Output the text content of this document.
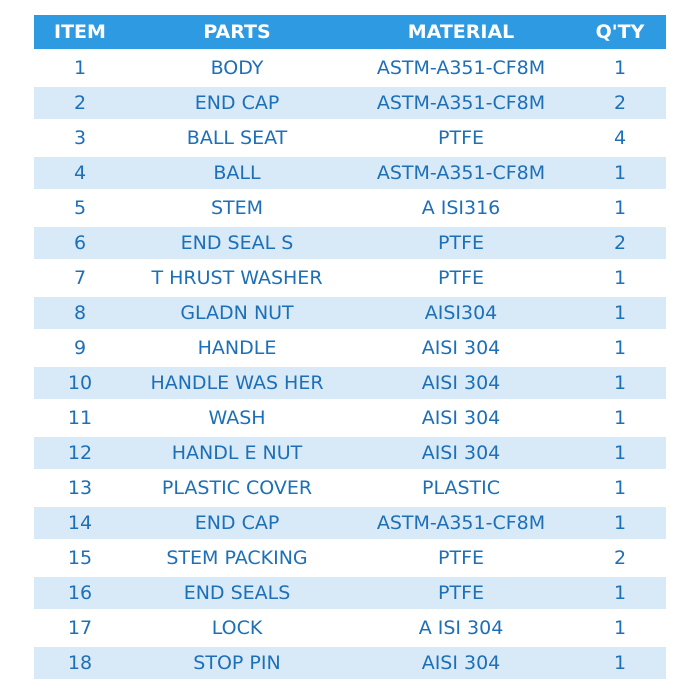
ITEM	PARTS	MATERIAL	Q'TY
1	BODY	ASTM-A351-CF8M	1
2	END CAP	ASTM-A351-CF8M	2
3	BALL SEAT	PTFE	4
4	BALL	ASTM-A351-CF8M	1
5	STEM	A ISI316	1
6	END SEAL S	PTFE	2
7	T HRUST WASHER	PTFE	1
8	GLADN NUT	AISI304	1
9	HANDLE	AISI 304	1
10	HANDLE WAS HER	AISI 304	1
11	WASH	AISI 304	1
12	HANDL E NUT	AISI 304	1
13	PLASTIC COVER	PLASTIC	1
14	END CAP	ASTM-A351-CF8M	1
15	STEM PACKING	PTFE	2
16	END SEALS	PTFE	1
17	LOCK	A ISI 304	1
18	STOP PIN	AISI 304	1
